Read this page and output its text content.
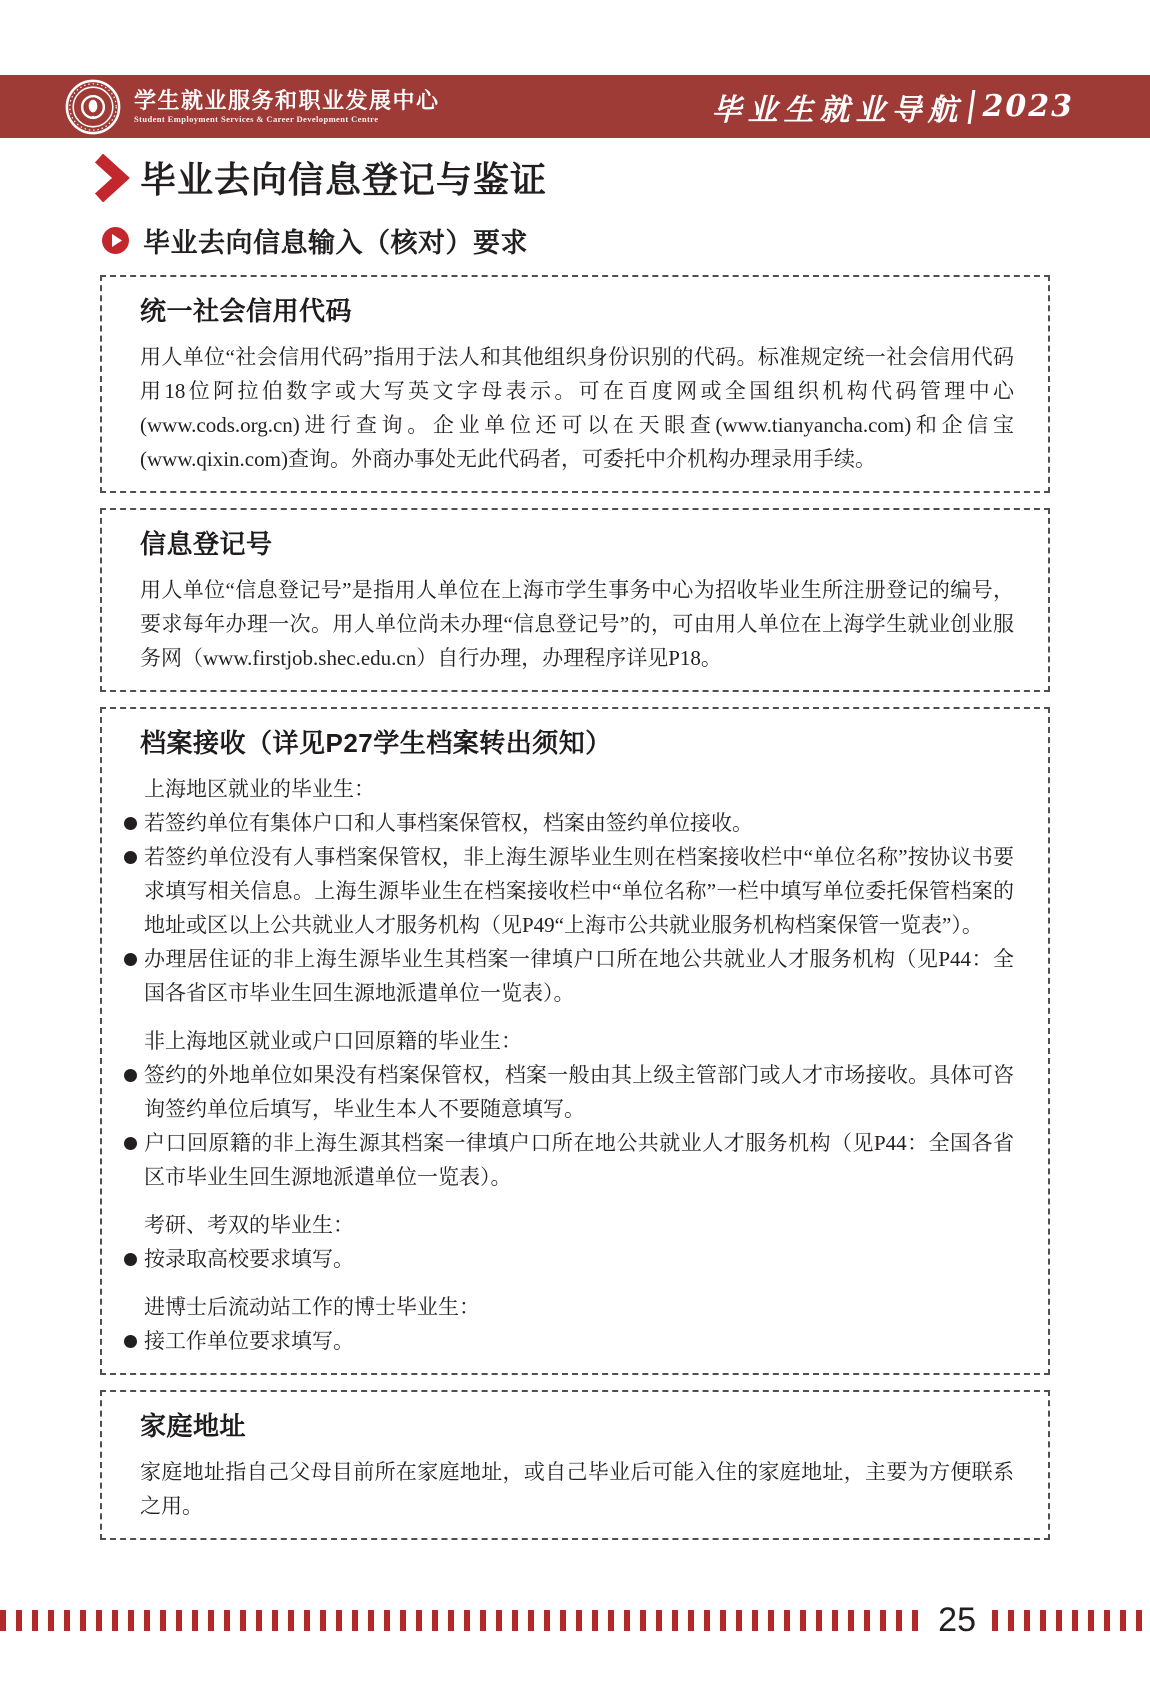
学生就业服务和职业发展中心
Student Employment Services & Career Development Centre	毕业生就业导航 2023
毕业去向信息登记与鉴证
毕业去向信息输入（核对）要求
统一社会信用代码

用人单位“社会信用代码”指用于法人和其他组织身份识别的代码。标准规定统一社会信用代码用18位阿拉伯数字或大写英文字母表示。可在百度网或全国组织机构代码管理中心(www.cods.org.cn)进行查询。企业单位还可以在天眼查(www.tianyancha.com)和企信宝(www.qixin.com)查询。外商办事处无此代码者，可委托中介机构办理录用手续。

信息登记号

用人单位“信息登记号”是指用人单位在上海市学生事务中心为招收毕业生所注册登记的编号，要求每年办理一次。用人单位尚未办理“信息登记号”的，可由用人单位在上海学生就业创业服务网（www.firstjob.shec.edu.cn）自行办理，办理程序详见P18。

档案接收（详见P27学生档案转出须知）
上海地区就业的毕业生：
若签约单位有集体户口和人事档案保管权，档案由签约单位接收。
若签约单位没有人事档案保管权，非上海生源毕业生则在档案接收栏中“单位名称”按协议书要求填写相关信息。上海生源毕业生在档案接收栏中“单位名称”一栏中填写单位委托保管档案的地址或区以上公共就业人才服务机构（见P49“上海市公共就业服务机构档案保管一览表”）。
办理居住证的非上海生源毕业生其档案一律填户口所在地公共就业人才服务机构（见P44：全国各省区市毕业生回生源地派遣单位一览表）。
非上海地区就业或户口回原籍的毕业生：
签约的外地单位如果没有档案保管权，档案一般由其上级主管部门或人才市场接收。具体可咨询签约单位后填写，毕业生本人不要随意填写。
户口回原籍的非上海生源其档案一律填户口所在地公共就业人才服务机构（见P44：全国各省区市毕业生回生源地派遣单位一览表）。
考研、考双的毕业生：
按录取高校要求填写。
进博士后流动站工作的博士毕业生：
接工作单位要求填写。
家庭地址

家庭地址指自己父母目前所在家庭地址，或自己毕业后可能入住的家庭地址，主要为方便联系之用。

25
